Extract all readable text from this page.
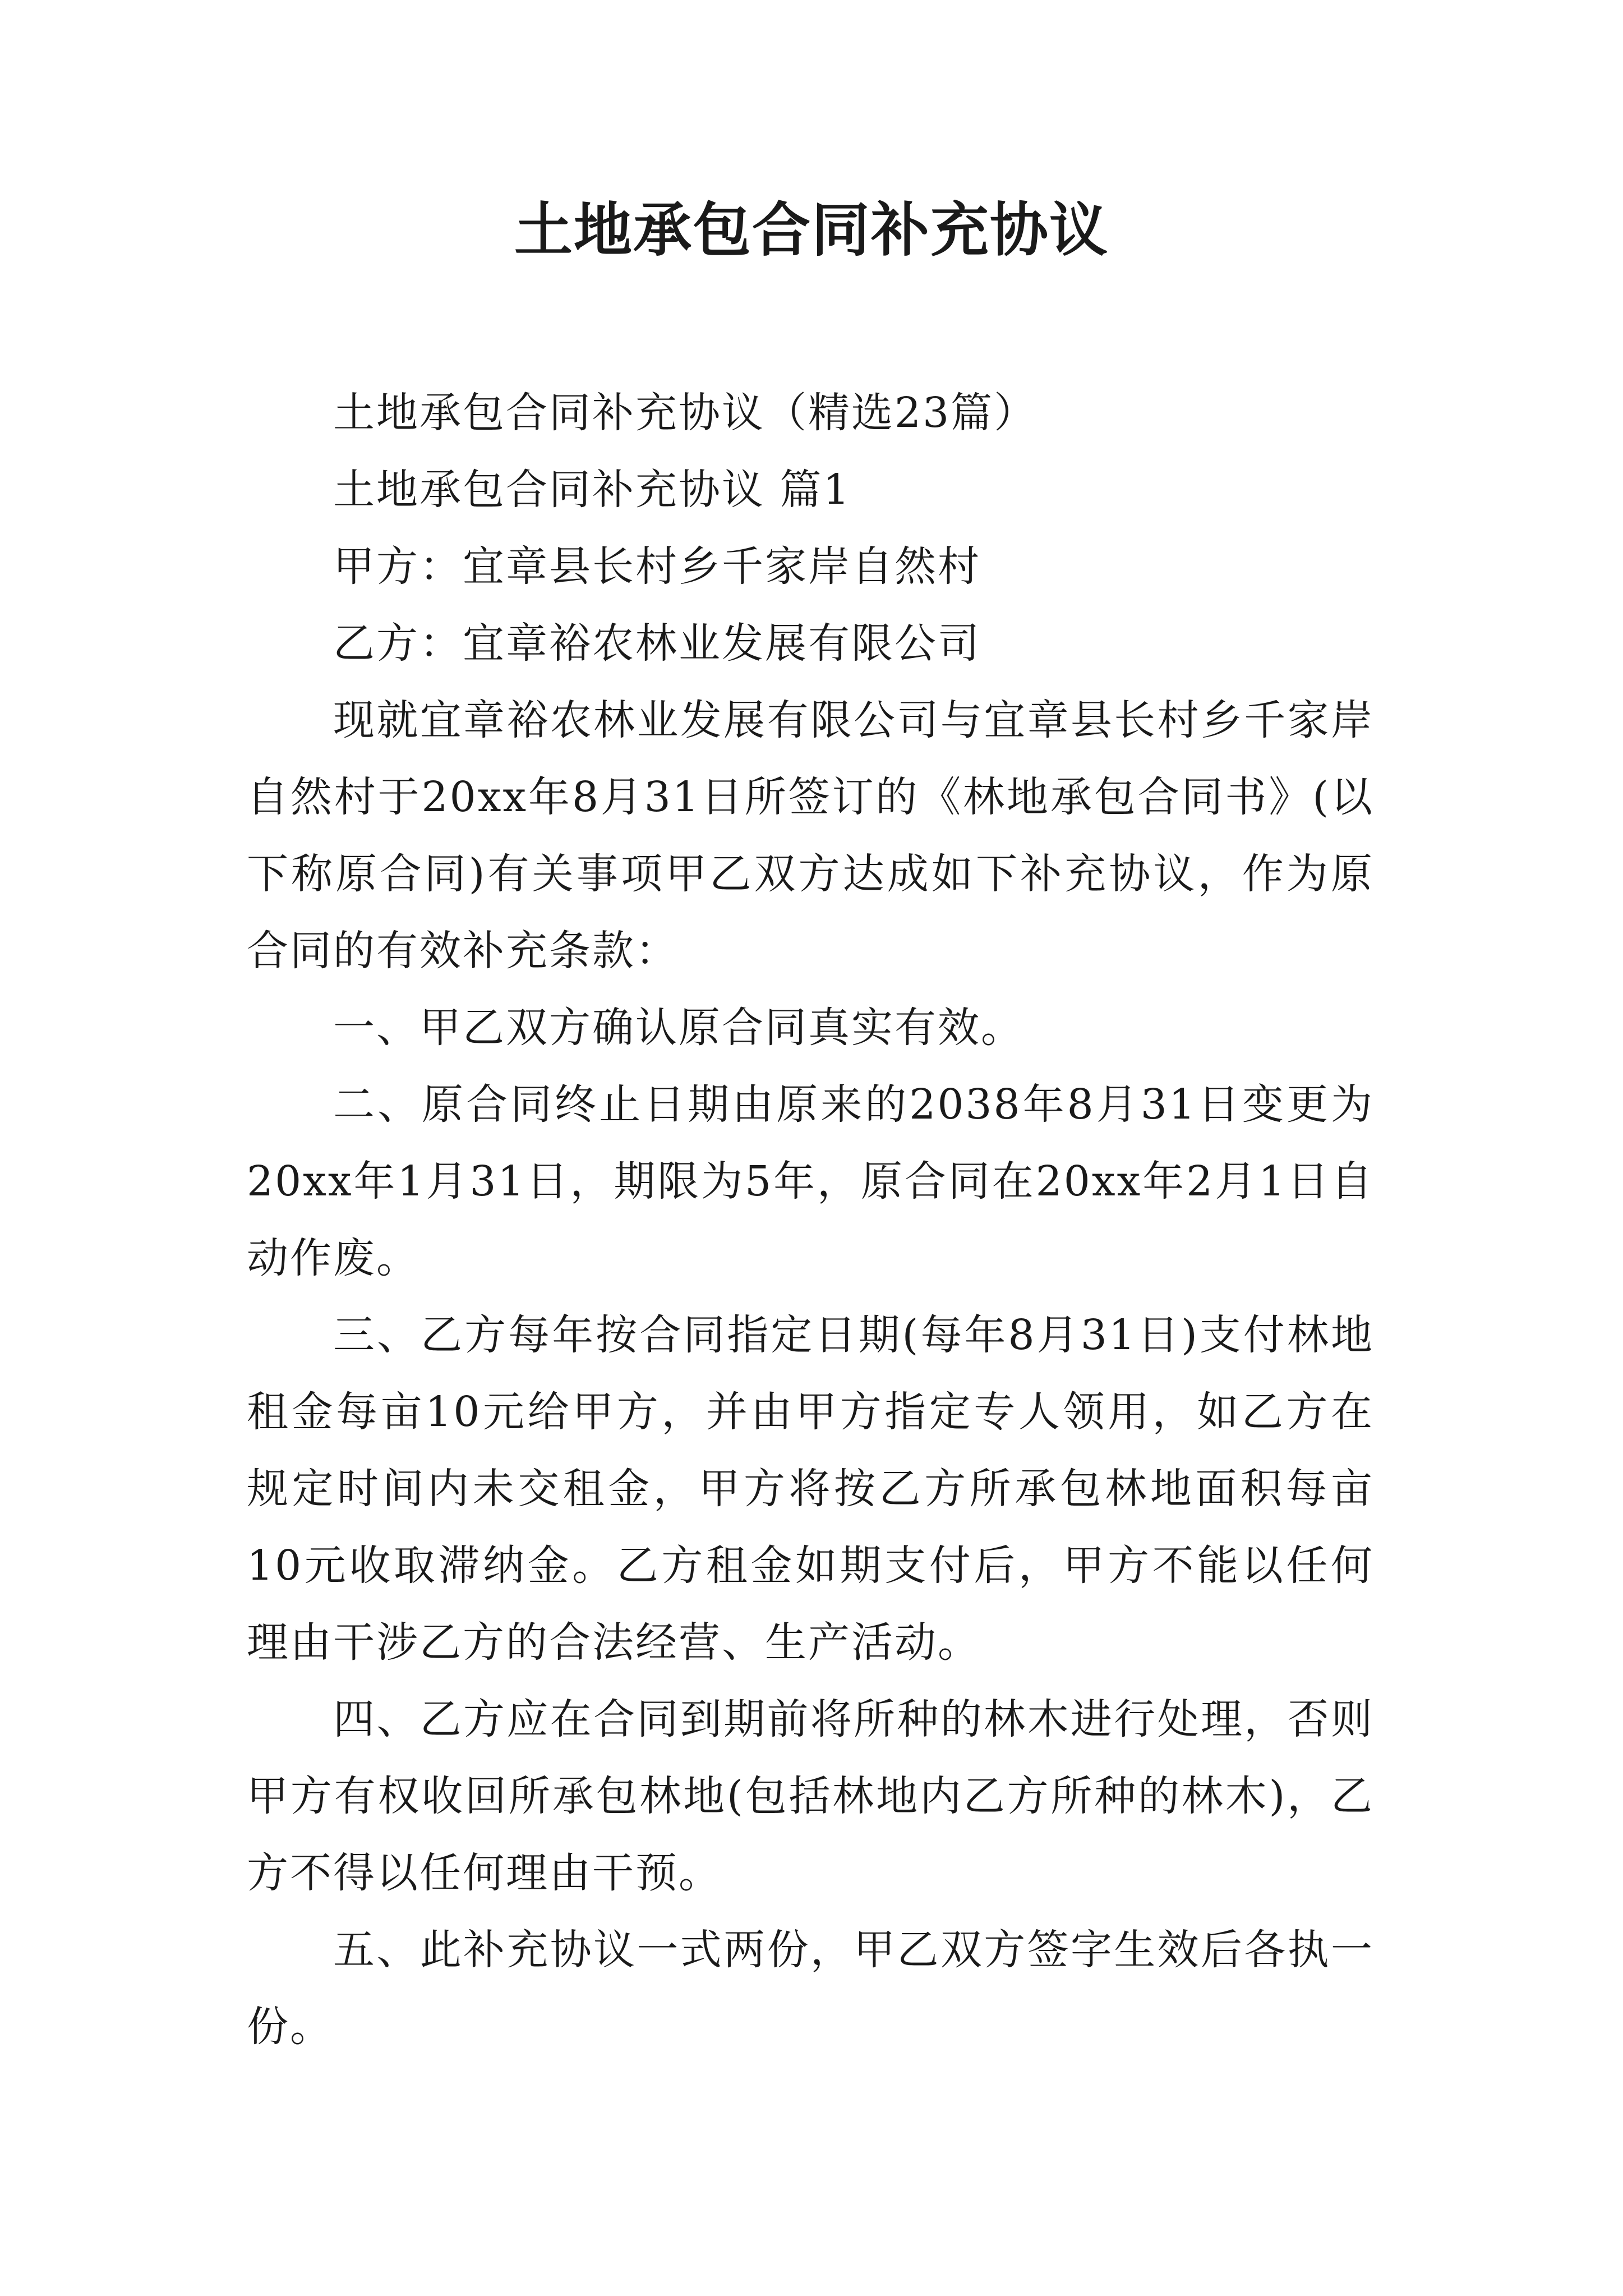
土地承包合同补充协议

土地承包合同补充协议（精选23篇）

土地承包合同补充协议 篇1

甲方：宜章县长村乡千家岸自然村

乙方：宜章裕农林业发展有限公司

现就宜章裕农林业发展有限公司与宜章县长村乡千家岸自然村于20xx年8月31日所签订的《林地承包合同书》(以下称原合同)有关事项甲乙双方达成如下补充协议，作为原合同的有效补充条款：

一、甲乙双方确认原合同真实有效。

二、原合同终止日期由原来的2038年8月31日变更为20xx年1月31日，期限为5年，原合同在20xx年2月1日自动作废。

三、乙方每年按合同指定日期(每年8月31日)支付林地租金每亩10元给甲方，并由甲方指定专人领用，如乙方在规定时间内未交租金，甲方将按乙方所承包林地面积每亩10元收取滞纳金。乙方租金如期支付后，甲方不能以任何理由干涉乙方的合法经营、生产活动。

四、乙方应在合同到期前将所种的林木进行处理，否则甲方有权收回所承包林地(包括林地内乙方所种的林木)，乙方不得以任何理由干预。

五、此补充协议一式两份，甲乙双方签字生效后各执一份。
